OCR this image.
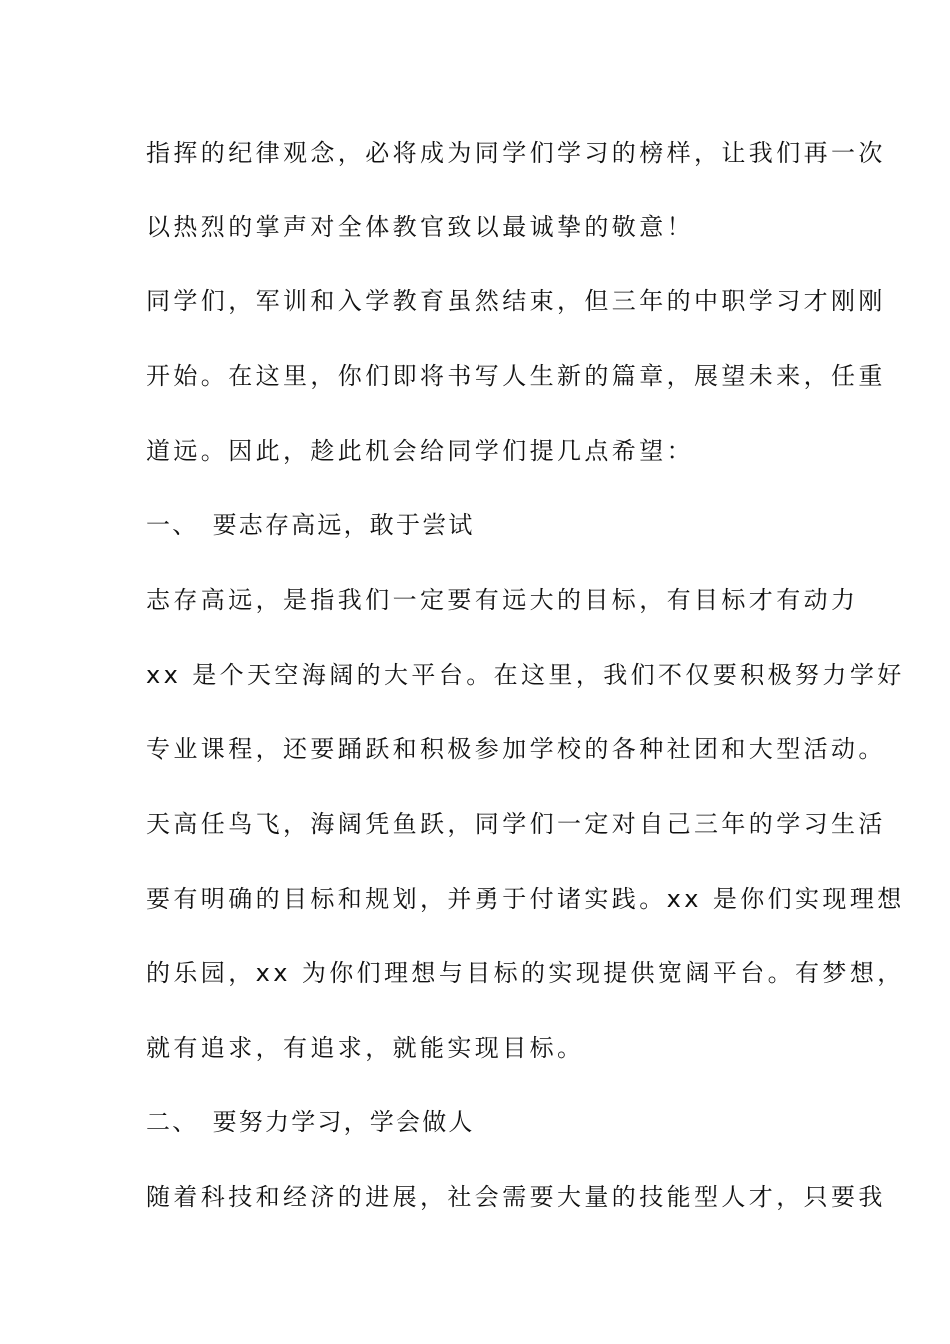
指挥的纪律观念，必将成为同学们学习的榜样，让我们再一次
以热烈的掌声对全体教官致以最诚挚的敬意！
同学们，军训和入学教育虽然结束，但三年的中职学习才刚刚
开始。在这里，你们即将书写人生新的篇章，展望未来，任重
道远。因此，趁此机会给同学们提几点希望：
一、　要志存高远，敢于尝试
志存高远，是指我们一定要有远大的目标，有目标才有动力
xx 是个天空海阔的大平台。在这里，我们不仅要积极努力学好
专业课程，还要踊跃和积极参加学校的各种社团和大型活动。
天高任鸟飞，海阔凭鱼跃，同学们一定对自己三年的学习生活
要有明确的目标和规划，并勇于付诸实践。xx 是你们实现理想
的乐园，xx 为你们理想与目标的实现提供宽阔平台。有梦想，
就有追求，有追求，就能实现目标。
二、　要努力学习，学会做人
随着科技和经济的进展，社会需要大量的技能型人才，只要我
